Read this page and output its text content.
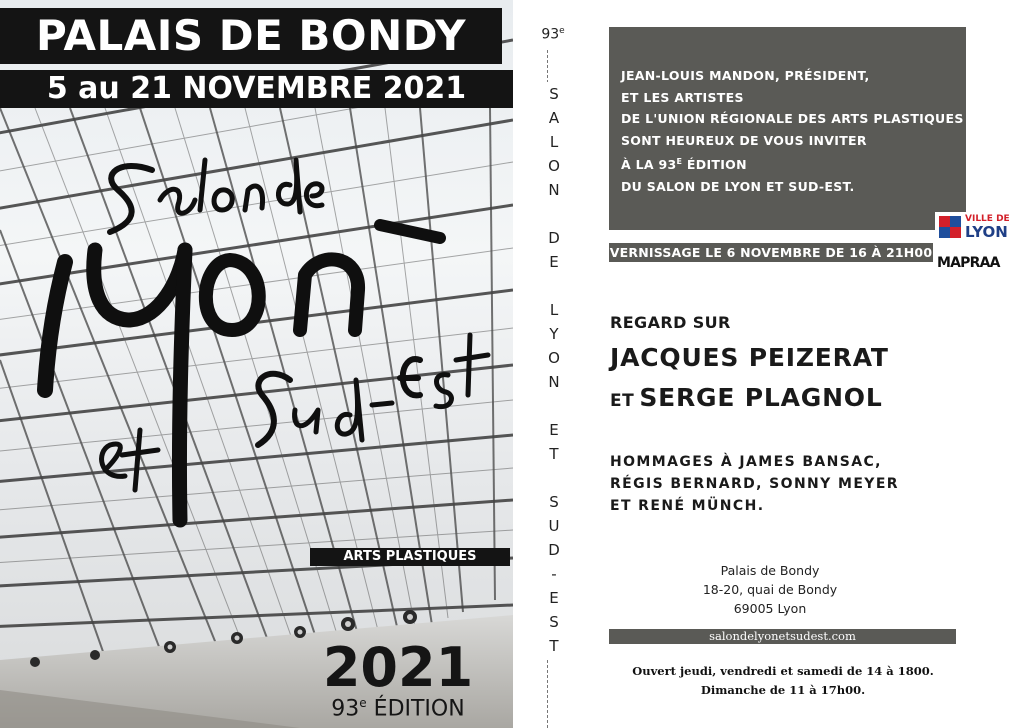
PALAIS DE BONDY
5 au 21 NOVEMBRE 2021
ARTS PLASTIQUES
2021
93e ÉDITION
93e
S
A
L
O
N
D
E
L
Y
O
N
E
T
S
U
D
-
E
S
T
JEAN-LOUIS MANDON, PRÉSIDENT,
ET LES ARTISTES
DE L'UNION RÉGIONALE DES ARTS PLASTIQUES
SONT HEUREUX DE VOUS INVITER
À LA $93^E$ ÉDITION
DU SALON DE LYON ET SUD-EST.
VERNISSAGE LE 6 NOVEMBRE DE 16 À 21H00
VILLE DE
LYON
MAPRAA
REGARD SUR
JACQUES PEIZERAT
ET SERGE PLAGNOL
HOMMAGES À JAMES BANSAC,
RÉGIS BERNARD, SONNY MEYER
ET RENÉ MÜNCH.
Palais de Bondy
18-20, quai de Bondy
69005 Lyon
salondelyonetsudest.com
Ouvert jeudi, vendredi et samedi de 14 à 1800.
Dimanche de 11 à 17h00.
